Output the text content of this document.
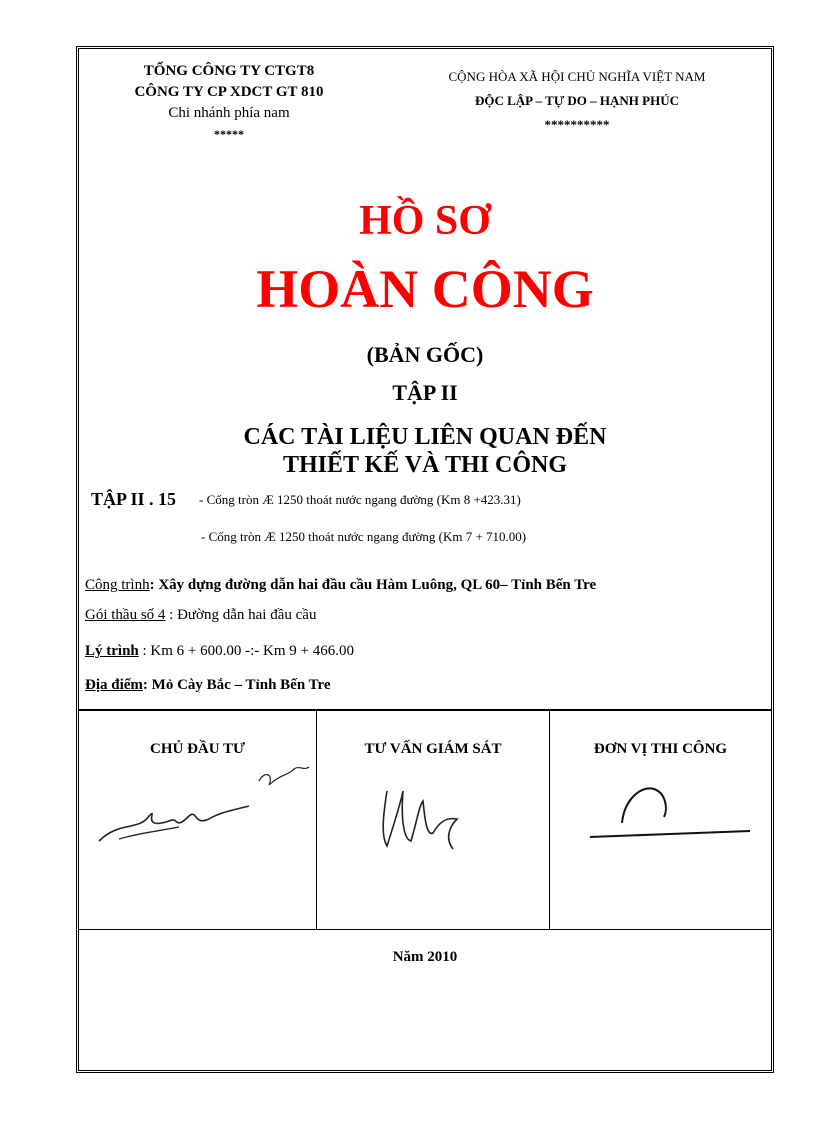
TỔNG CÔNG TY CTGT8
CÔNG TY CP XDCT GT 810
Chi nhánh phía nam
*****
CỘNG HÒA XÃ HỘI CHỦ NGHĨA VIỆT NAM
ĐỘC LẬP – TỰ DO – HẠNH PHÚC
**********
HỒ SƠ
HOÀN CÔNG
(BẢN GỐC)
TẬP II
CÁC TÀI LIỆU LIÊN QUAN ĐẾN
THIẾT KẾ VÀ THI CÔNG
TẬP II . 15 - Cống tròn Æ 1250 thoát nước ngang đường (Km 8 +423.31)
- Cống tròn Æ 1250 thoát nước ngang đường (Km 7 + 710.00)
Công trình: Xây dựng đường dẫn hai đầu cầu Hàm Luông, QL 60– Tỉnh Bến Tre
Gói thầu số 4 : Đường dẫn hai đầu cầu
Lý trình : Km 6 + 600.00 -:- Km 9 + 466.00
Địa điểm: Mỏ Cày Bắc – Tỉnh Bến Tre
CHỦ ĐẦU TƯ	TƯ VẤN GIÁM SÁT	ĐƠN VỊ THI CÔNG
Năm 2010
